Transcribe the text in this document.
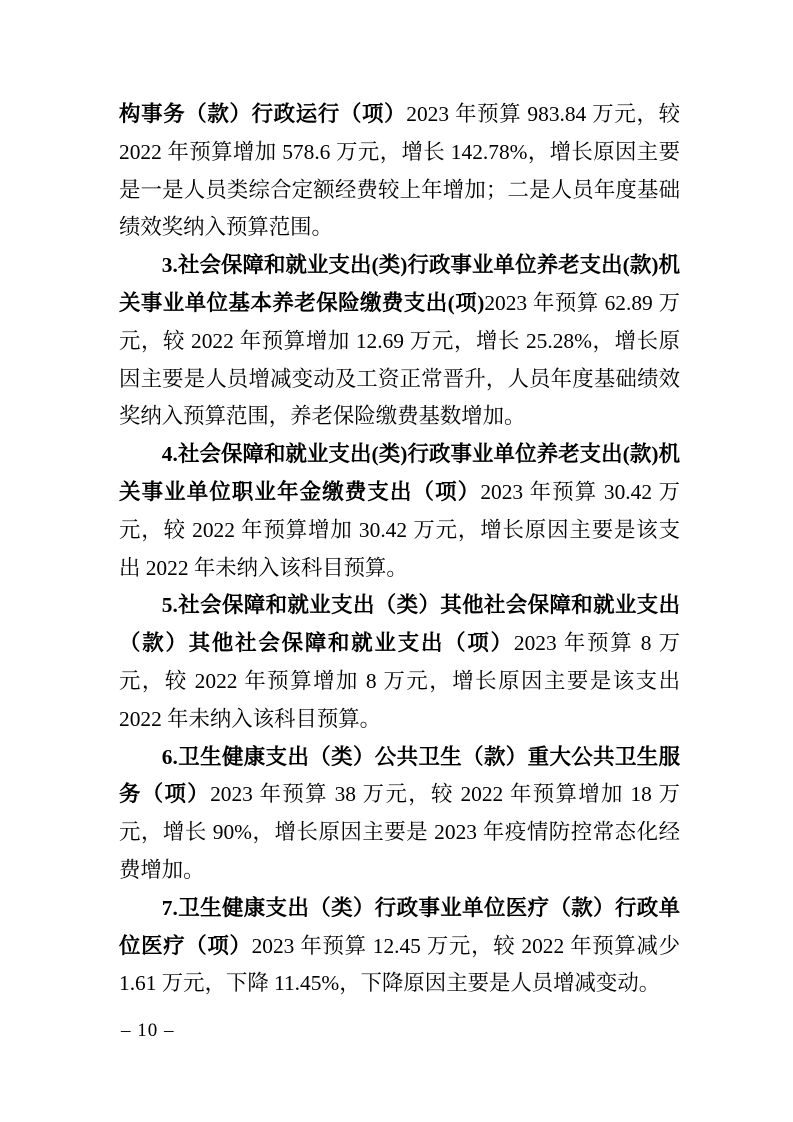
构事务（款）行政运行（项）2023 年预算 983.84 万元，较 2022 年预算增加 578.6 万元，增长 142.78%，增长原因主要是一是人员类综合定额经费较上年增加；二是人员年度基础绩效奖纳入预算范围。

3.社会保障和就业支出(类)行政事业单位养老支出(款)机关事业单位基本养老保险缴费支出(项)2023 年预算 62.89 万元，较 2022 年预算增加 12.69 万元，增长 25.28%，增长原因主要是人员增减变动及工资正常晋升，人员年度基础绩效奖纳入预算范围，养老保险缴费基数增加。

4.社会保障和就业支出(类)行政事业单位养老支出(款)机关事业单位职业年金缴费支出（项）2023 年预算 30.42 万元，较 2022 年预算增加 30.42 万元，增长原因主要是该支出 2022 年未纳入该科目预算。

5.社会保障和就业支出（类）其他社会保障和就业支出（款）其他社会保障和就业支出（项）2023 年预算 8 万元，较 2022 年预算增加 8 万元，增长原因主要是该支出 2022 年未纳入该科目预算。

6.卫生健康支出（类）公共卫生（款）重大公共卫生服务（项）2023 年预算 38 万元，较 2022 年预算增加 18 万元，增长 90%，增长原因主要是 2023 年疫情防控常态化经费增加。

7.卫生健康支出（类）行政事业单位医疗（款）行政单位医疗（项）2023 年预算 12.45 万元，较 2022 年预算减少 1.61 万元，下降 11.45%，下降原因主要是人员增减变动。

– 10 –
